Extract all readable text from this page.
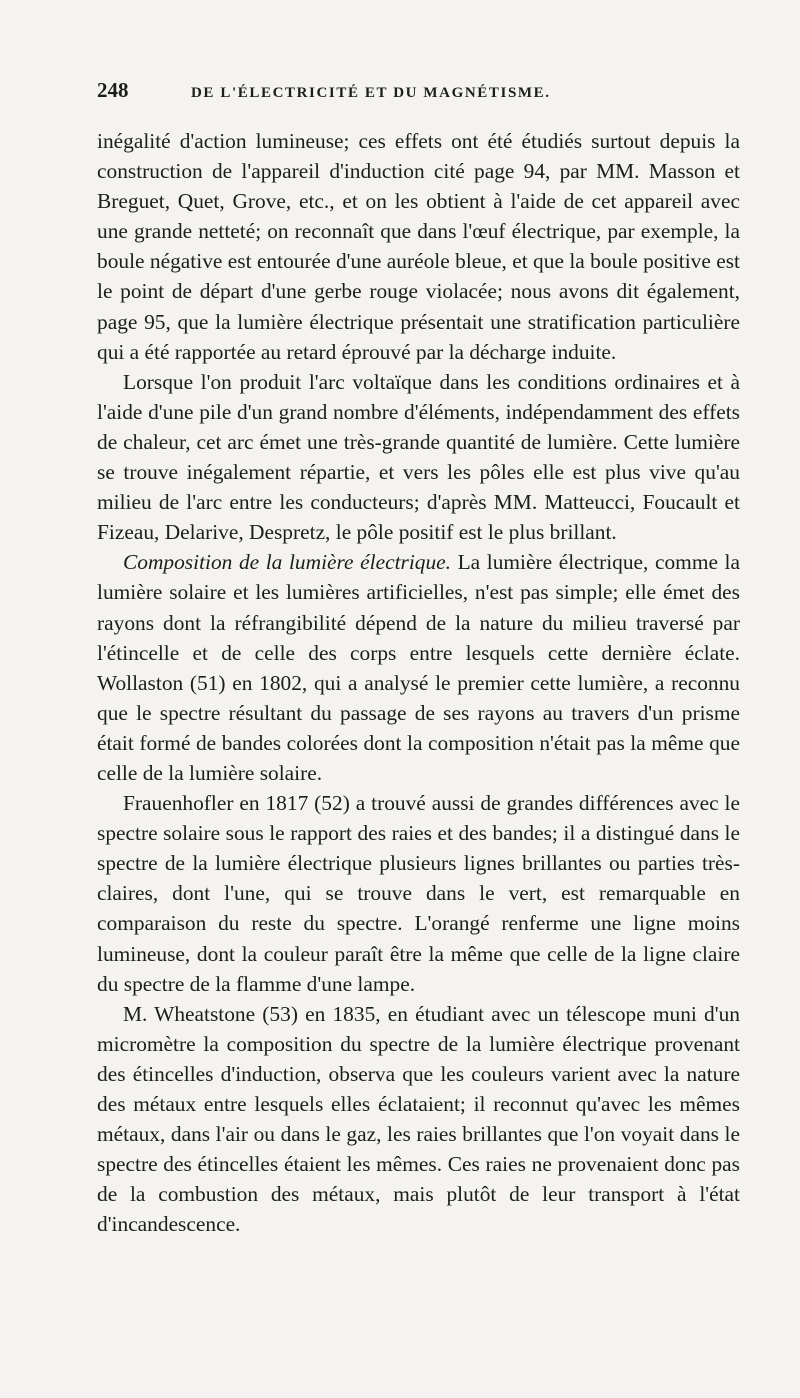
248	DE L'ÉLECTRICITÉ ET DU MAGNÉTISME.

inégalité d'action lumineuse; ces effets ont été étudiés surtout depuis la construction de l'appareil d'induction cité page 94, par MM. Masson et Breguet, Quet, Grove, etc., et on les obtient à l'aide de cet appareil avec une grande netteté; on reconnaît que dans l'œuf électrique, par exemple, la boule négative est entourée d'une auréole bleue, et que la boule positive est le point de départ d'une gerbe rouge violacée; nous avons dit également, page 95, que la lumière électrique présentait une stratification particulière qui a été rapportée au retard éprouvé par la décharge induite.

Lorsque l'on produit l'arc voltaïque dans les conditions ordinaires et à l'aide d'une pile d'un grand nombre d'éléments, indépendamment des effets de chaleur, cet arc émet une très-grande quantité de lumière. Cette lumière se trouve inégalement répartie, et vers les pôles elle est plus vive qu'au milieu de l'arc entre les conducteurs; d'après MM. Matteucci, Foucault et Fizeau, Delarive, Despretz, le pôle positif est le plus brillant.

Composition de la lumière électrique. La lumière électrique, comme la lumière solaire et les lumières artificielles, n'est pas simple; elle émet des rayons dont la réfrangibilité dépend de la nature du milieu traversé par l'étincelle et de celle des corps entre lesquels cette dernière éclate. Wollaston (51) en 1802, qui a analysé le premier cette lumière, a reconnu que le spectre résultant du passage de ses rayons au travers d'un prisme était formé de bandes colorées dont la composition n'était pas la même que celle de la lumière solaire.

Frauenhofler en 1817 (52) a trouvé aussi de grandes différences avec le spectre solaire sous le rapport des raies et des bandes; il a distingué dans le spectre de la lumière électrique plusieurs lignes brillantes ou parties très-claires, dont l'une, qui se trouve dans le vert, est remarquable en comparaison du reste du spectre. L'orangé renferme une ligne moins lumineuse, dont la couleur paraît être la même que celle de la ligne claire du spectre de la flamme d'une lampe.

M. Wheatstone (53) en 1835, en étudiant avec un télescope muni d'un micromètre la composition du spectre de la lumière électrique provenant des étincelles d'induction, observa que les couleurs varient avec la nature des métaux entre lesquels elles éclataient; il reconnut qu'avec les mêmes métaux, dans l'air ou dans le gaz, les raies brillantes que l'on voyait dans le spectre des étincelles étaient les mêmes. Ces raies ne provenaient donc pas de la combustion des métaux, mais plutôt de leur transport à l'état d'incandescence.
